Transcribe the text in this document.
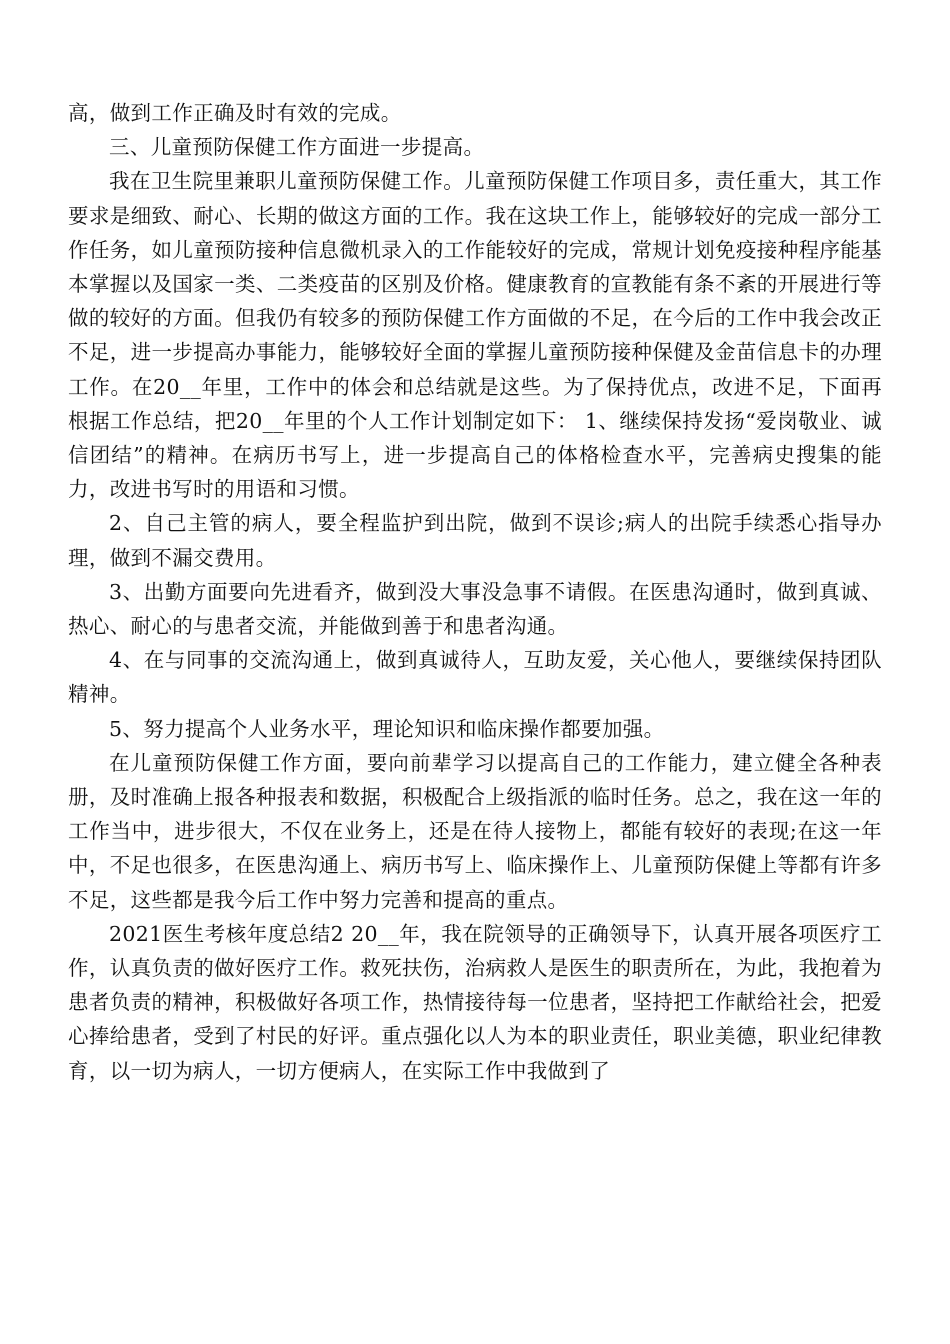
高，做到工作正确及时有效的完成。

三、儿童预防保健工作方面进一步提高。

我在卫生院里兼职儿童预防保健工作。儿童预防保健工作项目多，责任重大，其工作要求是细致、耐心、长期的做这方面的工作。我在这块工作上，能够较好的完成一部分工作任务，如儿童预防接种信息微机录入的工作能较好的完成，常规计划免疫接种程序能基本掌握以及国家一类、二类疫苗的区别及价格。健康教育的宣教能有条不紊的开展进行等做的较好的方面。但我仍有较多的预防保健工作方面做的不足，在今后的工作中我会改正不足，进一步提高办事能力，能够较好全面的掌握儿童预防接种保健及金苗信息卡的办理工作。在20__年里，工作中的体会和总结就是这些。为了保持优点，改进不足，下面再根据工作总结，把20__年里的个人工作计划制定如下： 1、继续保持发扬“爱岗敬业、诚信团结”的精神。在病历书写上，进一步提高自己的体格检查水平，完善病史搜集的能力，改进书写时的用语和习惯。

2、自己主管的病人，要全程监护到出院，做到不误诊;病人的出院手续悉心指导办理，做到不漏交费用。

3、出勤方面要向先进看齐，做到没大事没急事不请假。在医患沟通时，做到真诚、热心、耐心的与患者交流，并能做到善于和患者沟通。

4、在与同事的交流沟通上，做到真诚待人，互助友爱，关心他人，要继续保持团队精神。

5、努力提高个人业务水平，理论知识和临床操作都要加强。

在儿童预防保健工作方面，要向前辈学习以提高自己的工作能力，建立健全各种表册，及时准确上报各种报表和数据，积极配合上级指派的临时任务。总之，我在这一年的工作当中，进步很大，不仅在业务上，还是在待人接物上，都能有较好的表现;在这一年中，不足也很多，在医患沟通上、病历书写上、临床操作上、儿童预防保健上等都有许多不足，这些都是我今后工作中努力完善和提高的重点。

2021医生考核年度总结2 20__年，我在院领导的正确领导下，认真开展各项医疗工作，认真负责的做好医疗工作。救死扶伤，治病救人是医生的职责所在，为此，我抱着为患者负责的精神，积极做好各项工作，热情接待每一位患者，坚持把工作献给社会，把爱心捧给患者，受到了村民的好评。重点强化以人为本的职业责任，职业美德，职业纪律教育，以一切为病人，一切方便病人，在实际工作中我做到了
